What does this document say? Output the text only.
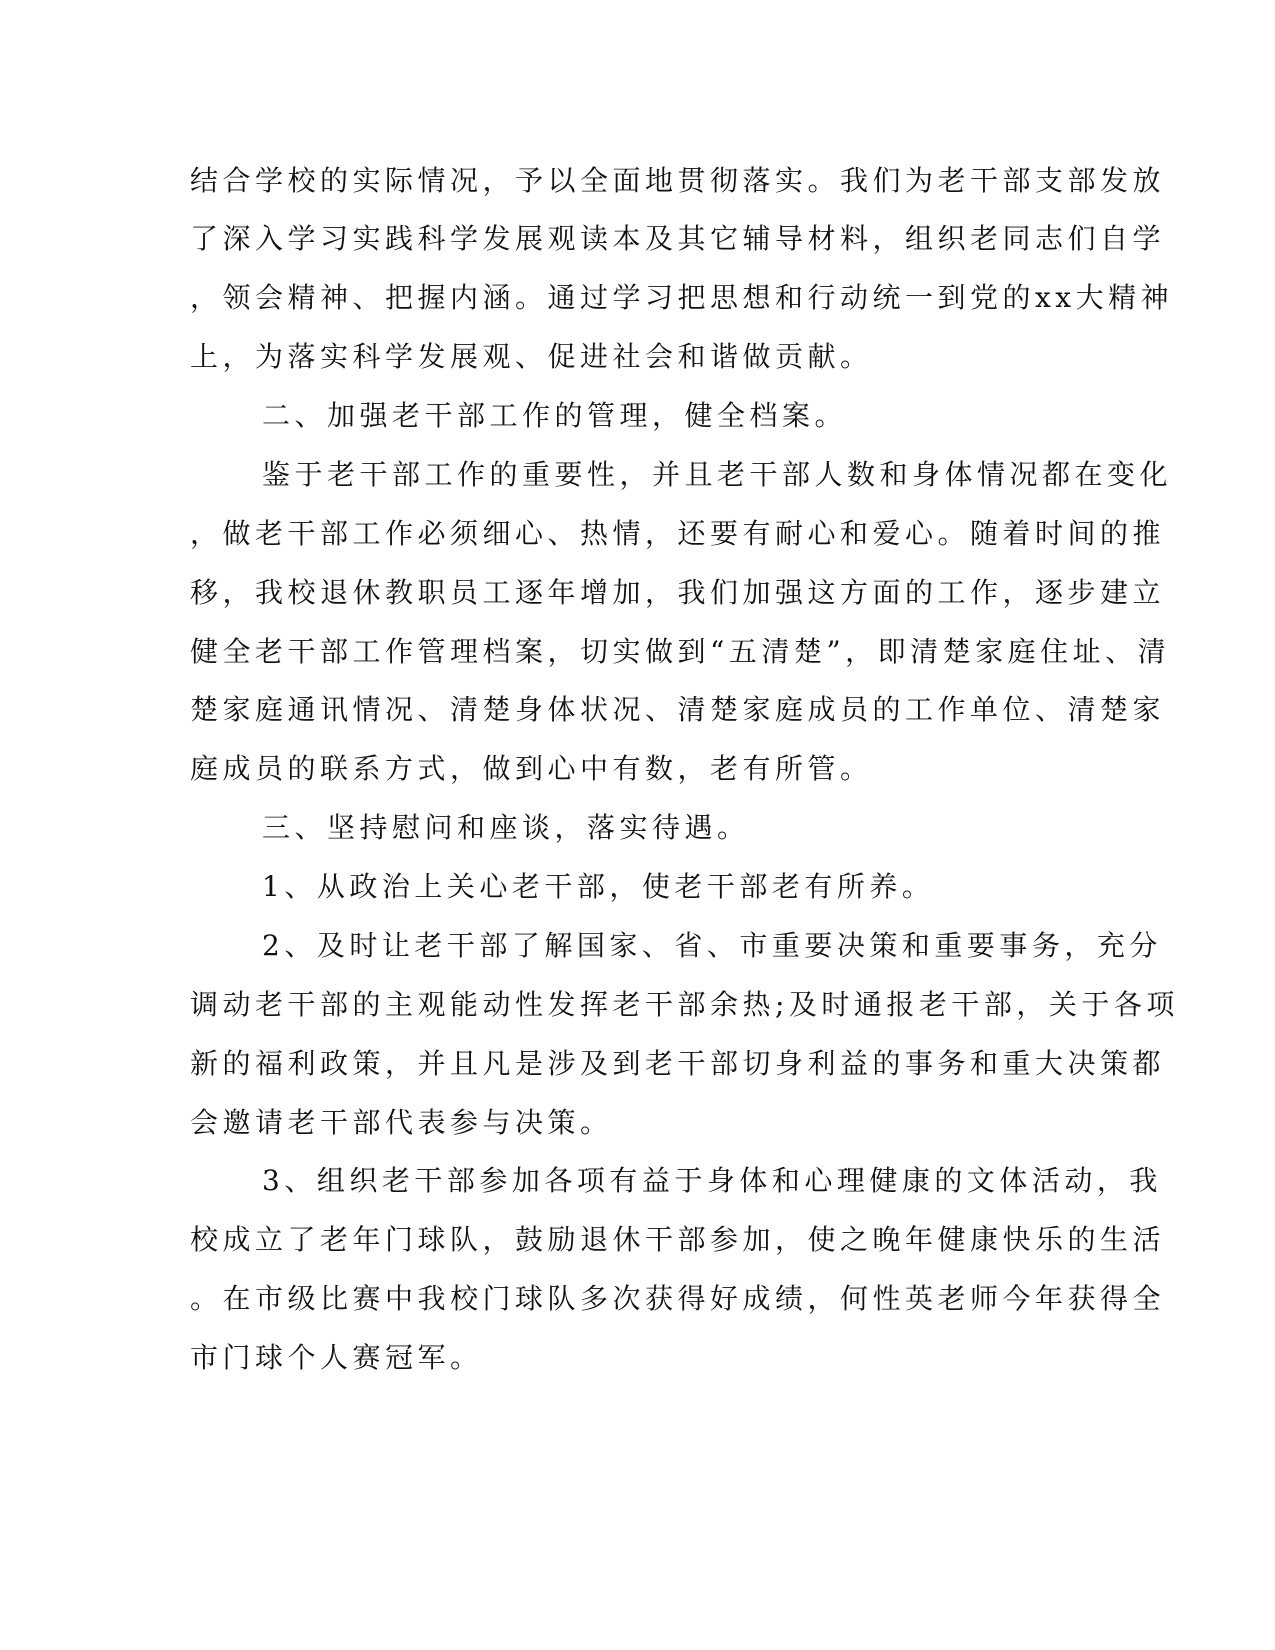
结合学校的实际情况，予以全面地贯彻落实。我们为老干部支部发放
了深入学习实践科学发展观读本及其它辅导材料，组织老同志们自学
，领会精神、把握内涵。通过学习把思想和行动统一到党的xx大精神
上，为落实科学发展观、促进社会和谐做贡献。
二、加强老干部工作的管理，健全档案。
鉴于老干部工作的重要性，并且老干部人数和身体情况都在变化
，做老干部工作必须细心、热情，还要有耐心和爱心。随着时间的推
移，我校退休教职员工逐年增加，我们加强这方面的工作，逐步建立
健全老干部工作管理档案，切实做到“五清楚”，即清楚家庭住址、清
楚家庭通讯情况、清楚身体状况、清楚家庭成员的工作单位、清楚家
庭成员的联系方式，做到心中有数，老有所管。
三、坚持慰问和座谈，落实待遇。
1、从政治上关心老干部，使老干部老有所养。
2、及时让老干部了解国家、省、市重要决策和重要事务，充分
调动老干部的主观能动性发挥老干部余热;及时通报老干部，关于各项
新的福利政策，并且凡是涉及到老干部切身利益的事务和重大决策都
会邀请老干部代表参与决策。
3、组织老干部参加各项有益于身体和心理健康的文体活动，我
校成立了老年门球队，鼓励退休干部参加，使之晚年健康快乐的生活
。在市级比赛中我校门球队多次获得好成绩，何性英老师今年获得全
市门球个人赛冠军。
